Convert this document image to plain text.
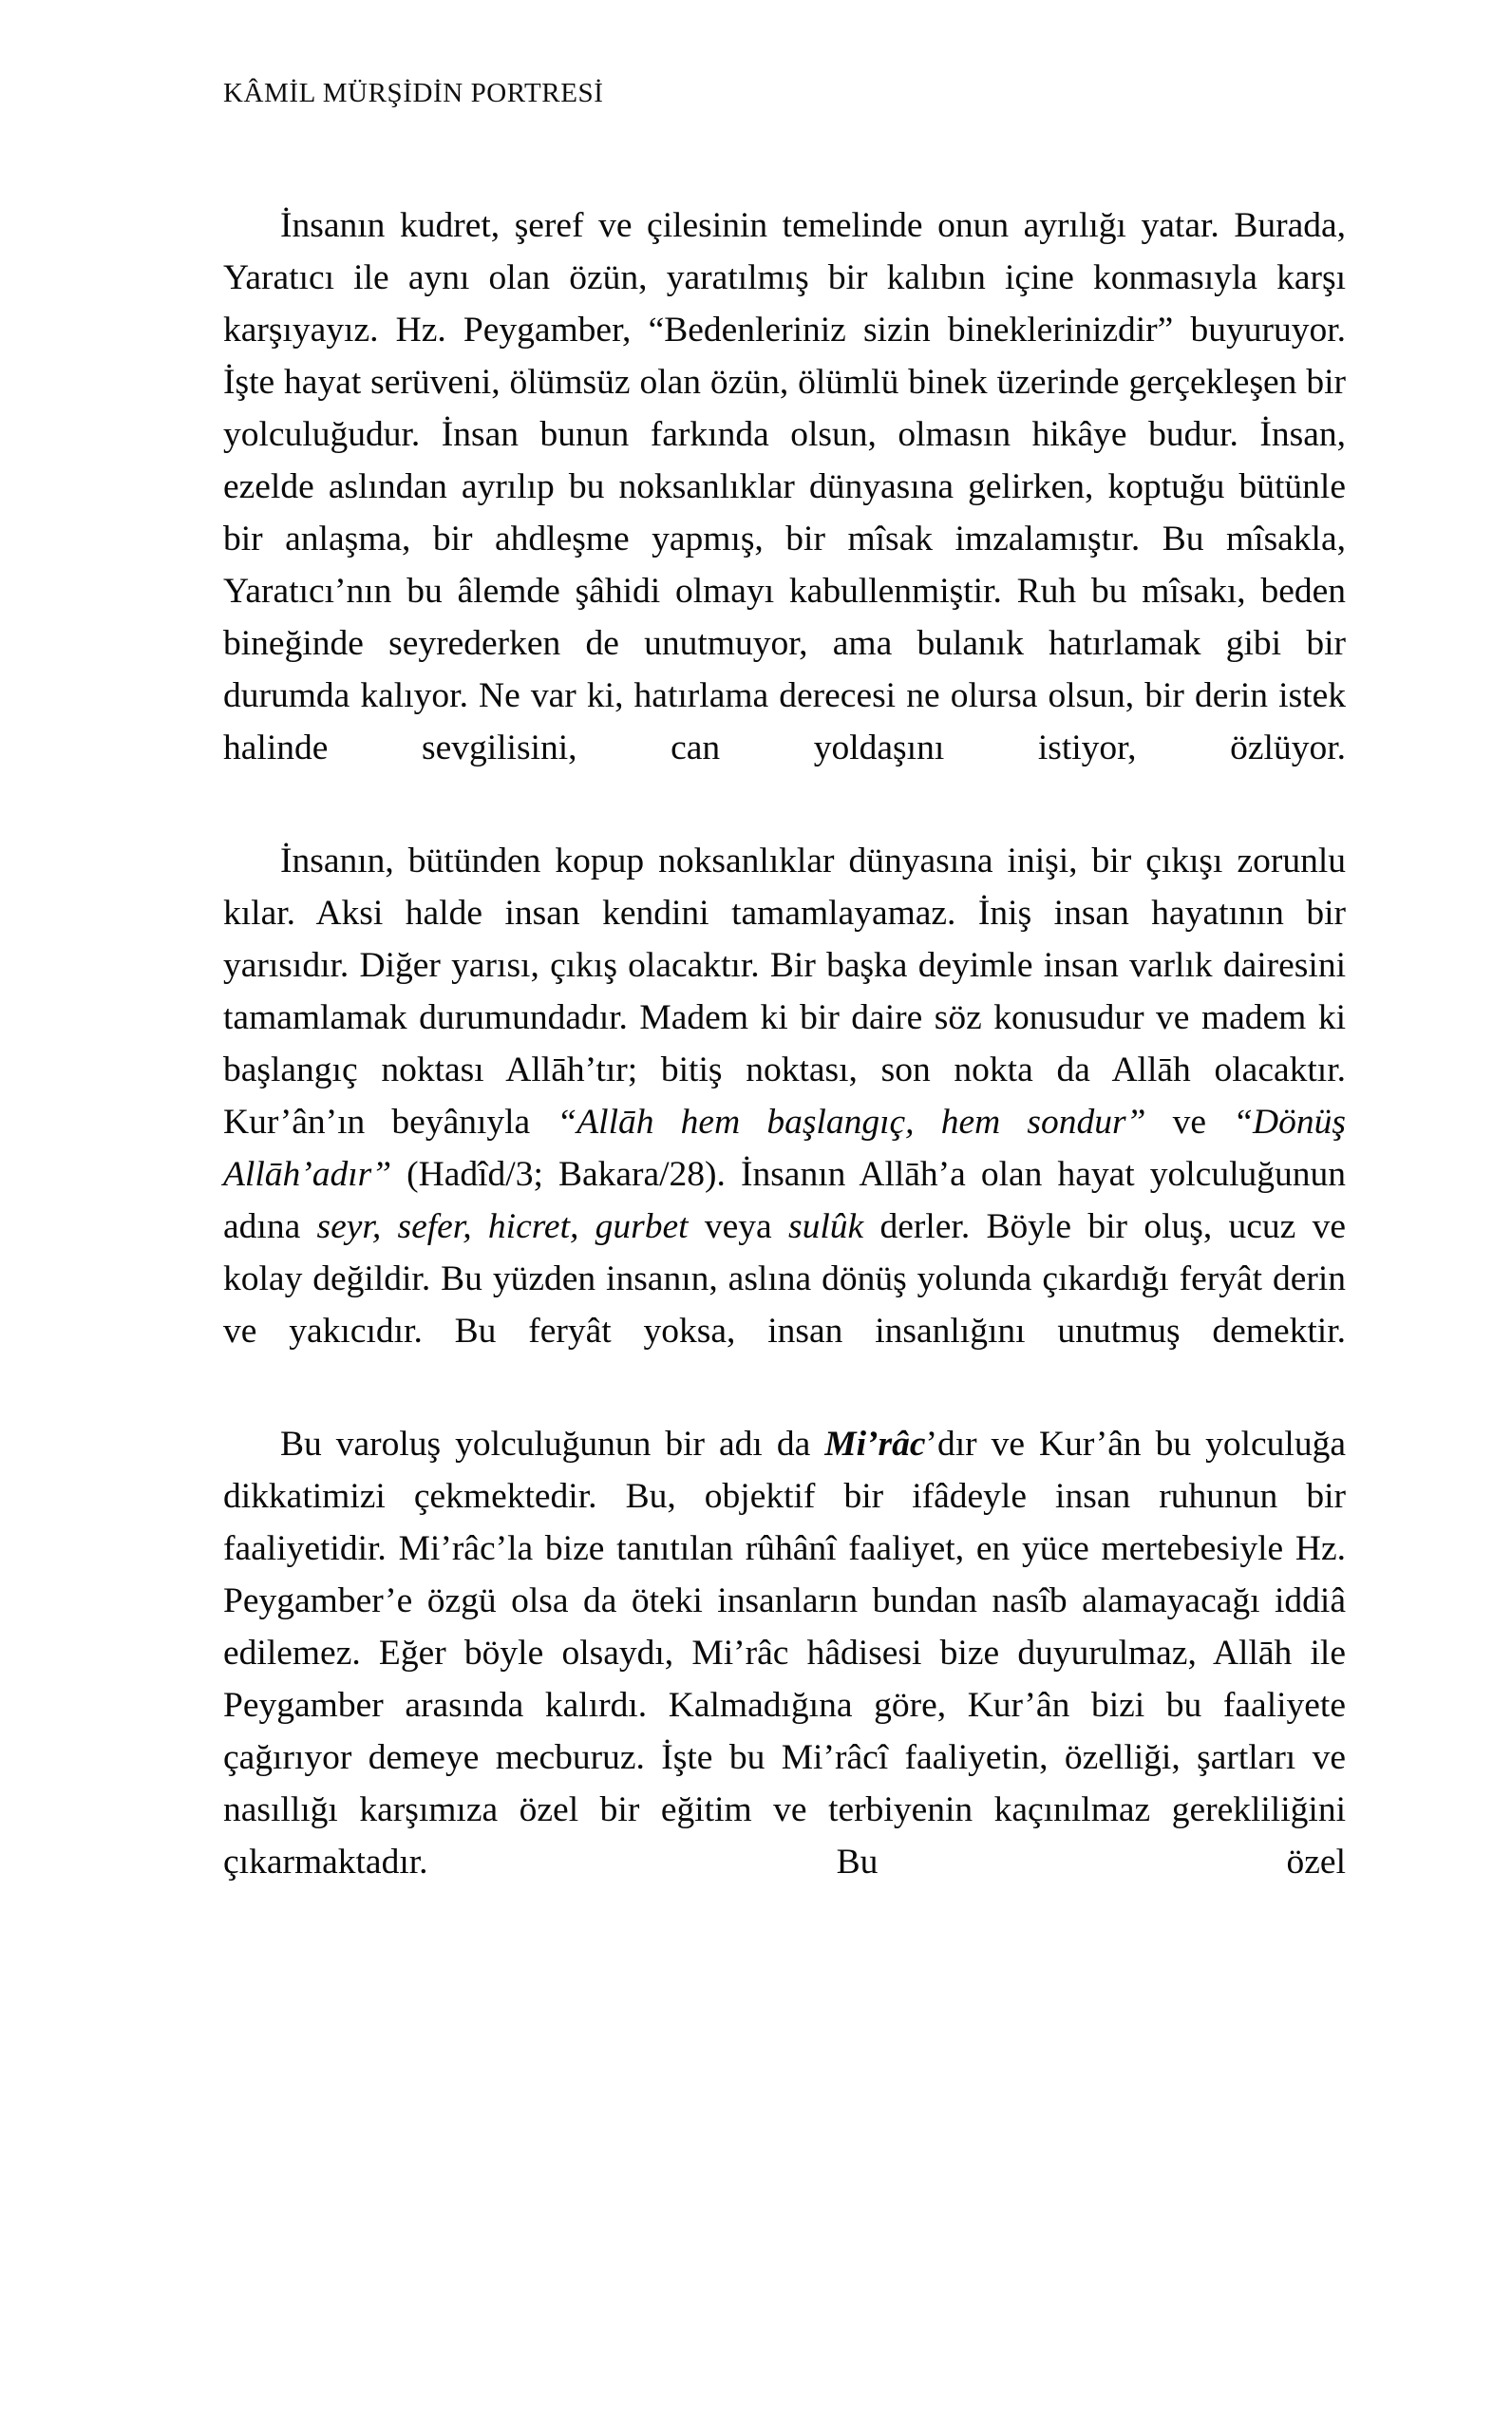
KÂMİL MÜRŞİDİN PORTRESİ

İnsanın kudret, şeref ve çilesinin temelinde onun ayrılığı yatar. Burada, Yaratıcı ile aynı olan özün, yaratılmış bir kalıbın içine konmasıyla karşı karşıyayız. Hz. Peygamber, “Bedenleriniz sizin bineklerinizdir” buyuruyor. İşte hayat serüveni, ölümsüz olan özün, ölümlü binek üzerinde gerçekleşen bir yolculuğudur. İnsan bunun farkında olsun, olmasın hikâye budur. İnsan, ezelde aslından ayrılıp bu noksanlıklar dünyasına gelirken, koptuğu bütünle bir anlaşma, bir ahdleşme yapmış, bir mîsak imzalamıştır. Bu mîsakla, Yaratıcı’nın bu âlemde şâhidi olmayı kabullenmiştir. Ruh bu mîsakı, beden bineğinde seyrederken de unutmuyor, ama bulanık hatırlamak gibi bir durumda kalıyor. Ne var ki, hatırlama derecesi ne olursa olsun, bir derin istek halinde sevgilisini, can yoldaşını istiyor, özlüyor.

İnsanın, bütünden kopup noksanlıklar dünyasına inişi, bir çıkışı zorunlu kılar. Aksi halde insan kendini tamamlayamaz. İniş insan hayatının bir yarısıdır. Diğer yarısı, çıkış olacaktır. Bir başka deyimle insan varlık dairesini tamamlamak durumundadır. Madem ki bir daire söz konusudur ve madem ki başlangıç noktası Allāh’tır; bitiş noktası, son nokta da Allāh olacaktır. Kur’ân’ın beyânıyla “Allāh hem başlangıç, hem sondur” ve “Dönüş Allāh’adır” (Hadîd/3; Bakara/28). İnsanın Allāh’a olan hayat yolculuğunun adına seyr, sefer, hicret, gurbet veya sulûk derler. Böyle bir oluş, ucuz ve kolay değildir. Bu yüzden insanın, aslına dönüş yolunda çıkardığı feryât derin ve yakıcıdır. Bu feryât yoksa, insan insanlığını unutmuş demektir.

Bu varoluş yolculuğunun bir adı da Mi’râc’dır ve Kur’ân bu yolculuğa dikkatimizi çekmektedir. Bu, objektif bir ifâdeyle insan ruhunun bir faaliyetidir. Mi’râc’la bize tanıtılan rûhânî faaliyet, en yüce mertebesiyle Hz. Peygamber’e özgü olsa da öteki insanların bundan nasîb alamayacağı iddiâ edilemez. Eğer böyle olsaydı, Mi’râc hâdisesi bize duyurulmaz, Allāh ile Peygamber arasında kalırdı. Kalmadığına göre, Kur’ân bizi bu faaliyete çağırıyor demeye mecburuz. İşte bu Mi’râcî faaliyetin, özelliği, şartları ve nasıllığı karşımıza özel bir eğitim ve terbiyenin kaçınılmaz gerekliliğini çıkarmaktadır. Bu özel
